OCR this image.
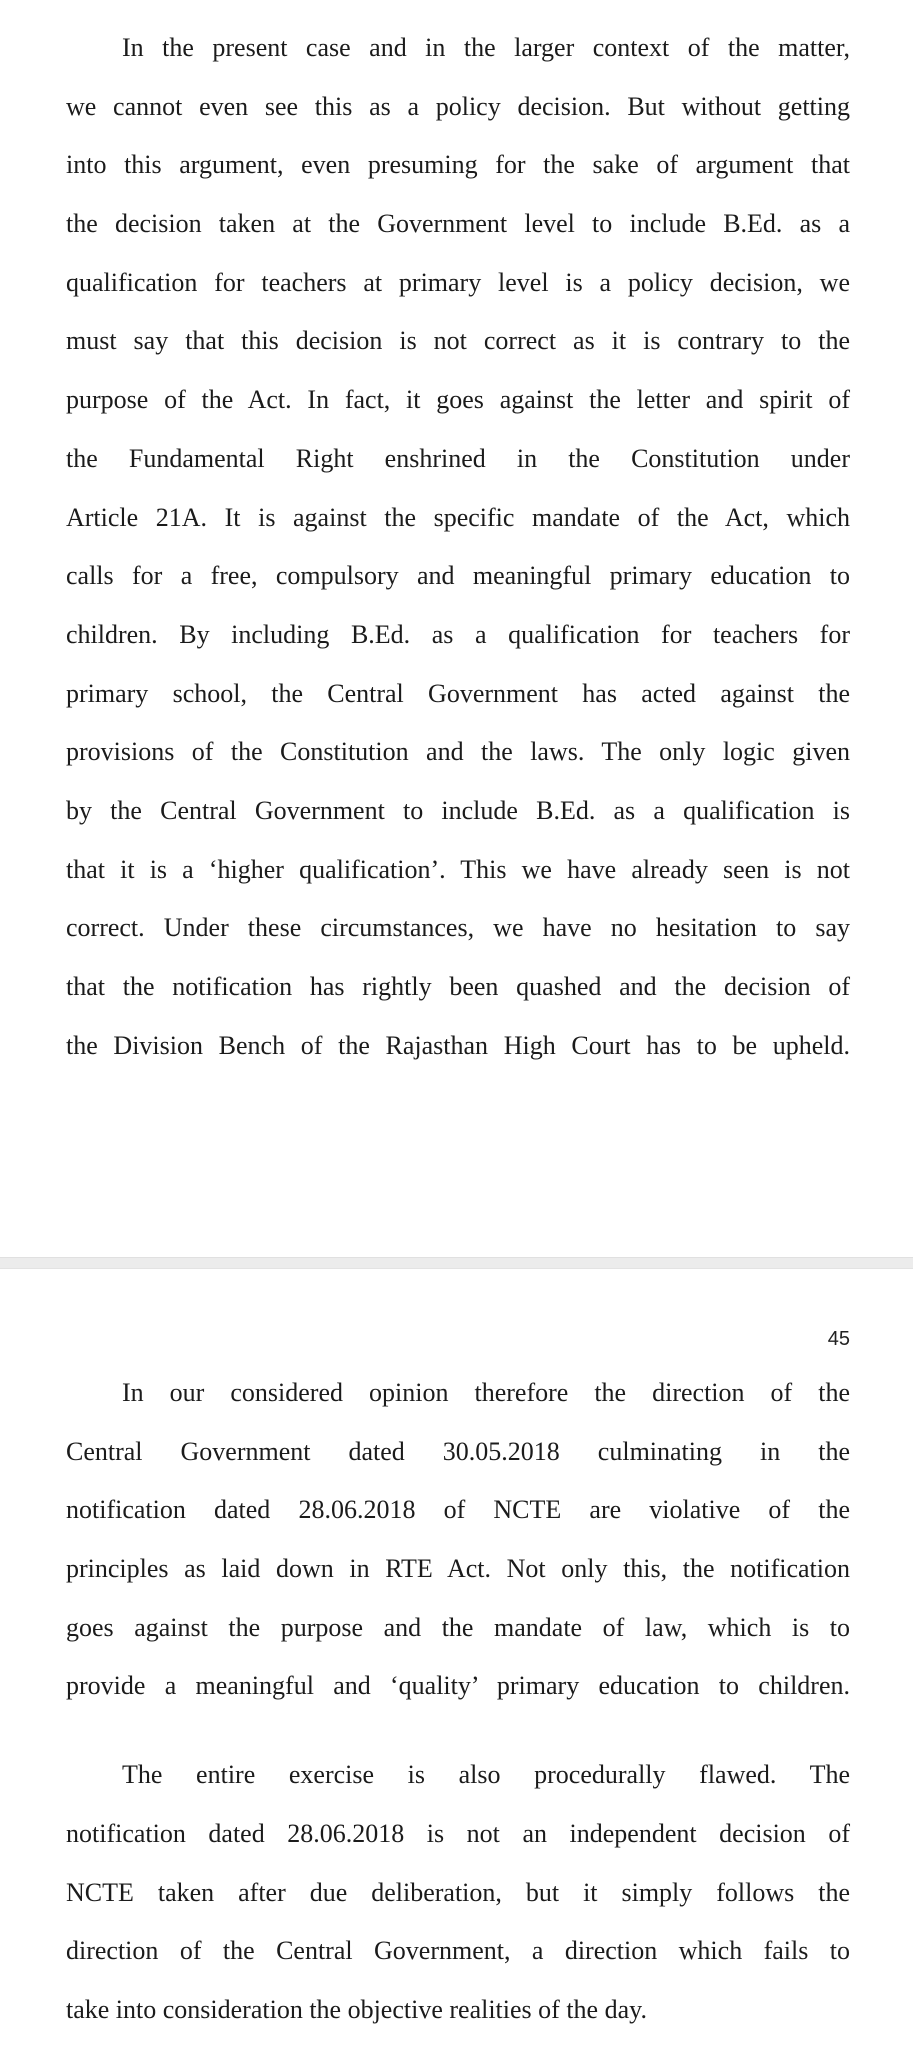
In the present case and in the larger context of the matter,
we cannot even see this as a policy decision. But without getting
into this argument, even presuming for the sake of argument that
the decision taken at the Government level to include B.Ed. as a
qualification for teachers at primary level is a policy decision, we
must say that this decision is not correct as it is contrary to the
purpose of the Act. In fact, it goes against the letter and spirit of
the Fundamental Right enshrined in the Constitution under
Article 21A. It is against the specific mandate of the Act, which
calls for a free, compulsory and meaningful primary education to
children. By including B.Ed. as a qualification for teachers for
primary school, the Central Government has acted against the
provisions of the Constitution and the laws. The only logic given
by the Central Government to include B.Ed. as a qualification is
that it is a ‘higher qualification’. This we have already seen is not
correct. Under these circumstances, we have no hesitation to say
that the notification has rightly been quashed and the decision of
the Division Bench of the Rajasthan High Court has to be upheld.
45
In our considered opinion therefore the direction of the
Central Government dated 30.05.2018 culminating in the
notification dated 28.06.2018 of NCTE are violative of the
principles as laid down in RTE Act. Not only this, the notification
goes against the purpose and the mandate of law, which is to
provide a meaningful and ‘quality’ primary education to children.
The entire exercise is also procedurally flawed. The
notification dated 28.06.2018 is not an independent decision of
NCTE taken after due deliberation, but it simply follows the
direction of the Central Government, a direction which fails to
take into consideration the objective realities of the day.
